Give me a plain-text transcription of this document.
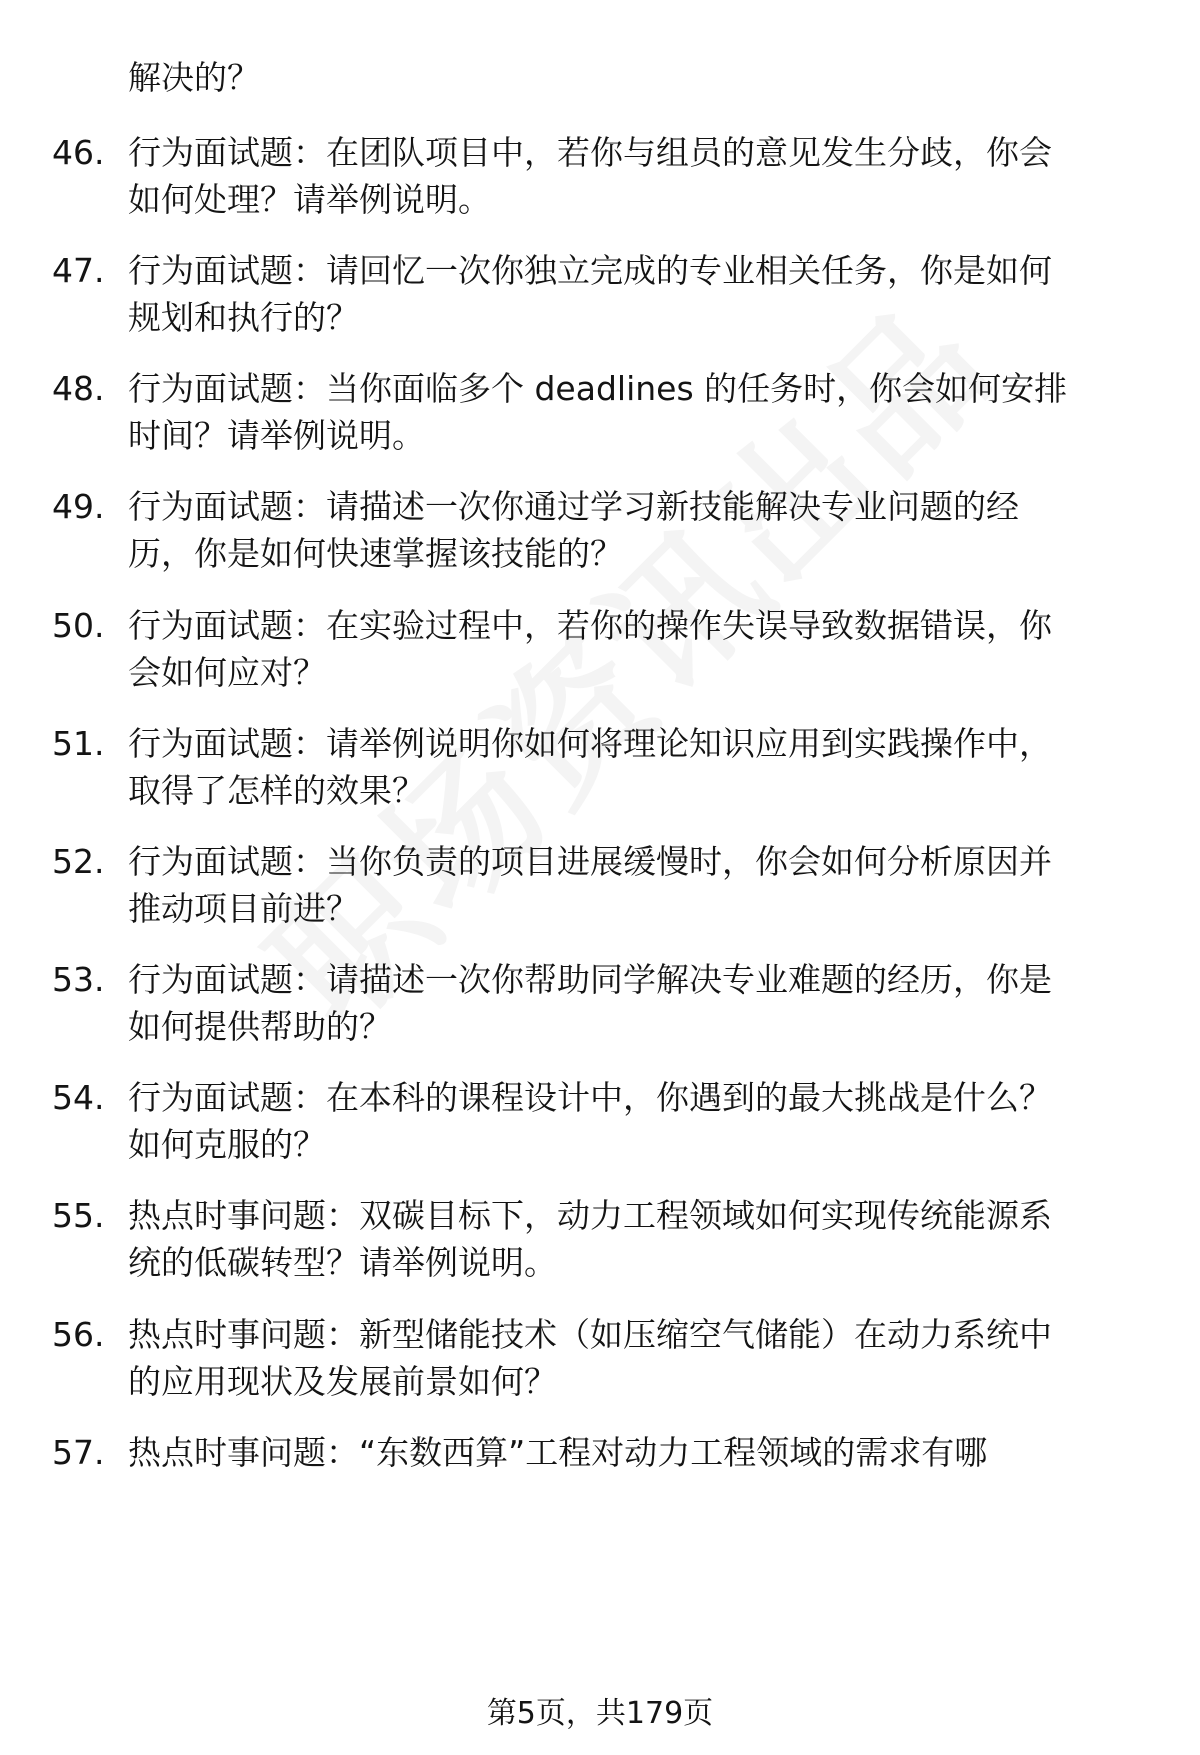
解决的？
46. 行为面试题：在团队项目中，若你与组员的意见发生分歧，你会
如何处理？请举例说明。
47. 行为面试题：请回忆一次你独立完成的专业相关任务，你是如何
规划和执行的？
48. 行为面试题：当你面临多个 deadlines 的任务时，你会如何安排
时间？请举例说明。
49. 行为面试题：请描述一次你通过学习新技能解决专业问题的经
历，你是如何快速掌握该技能的？
50. 行为面试题：在实验过程中，若你的操作失误导致数据错误，你
会如何应对？
51. 行为面试题：请举例说明你如何将理论知识应用到实践操作中，
取得了怎样的效果？
52. 行为面试题：当你负责的项目进展缓慢时，你会如何分析原因并
推动项目前进？
53. 行为面试题：请描述一次你帮助同学解决专业难题的经历，你是
如何提供帮助的？
54. 行为面试题：在本科的课程设计中，你遇到的最大挑战是什么？
如何克服的？
55. 热点时事问题：双碳目标下，动力工程领域如何实现传统能源系
统的低碳转型？请举例说明。
56. 热点时事问题：新型储能技术（如压缩空气储能）在动力系统中
的应用现状及发展前景如何？
57. 热点时事问题：“东数西算”工程对动力工程领域的需求有哪
第5页，共179页
